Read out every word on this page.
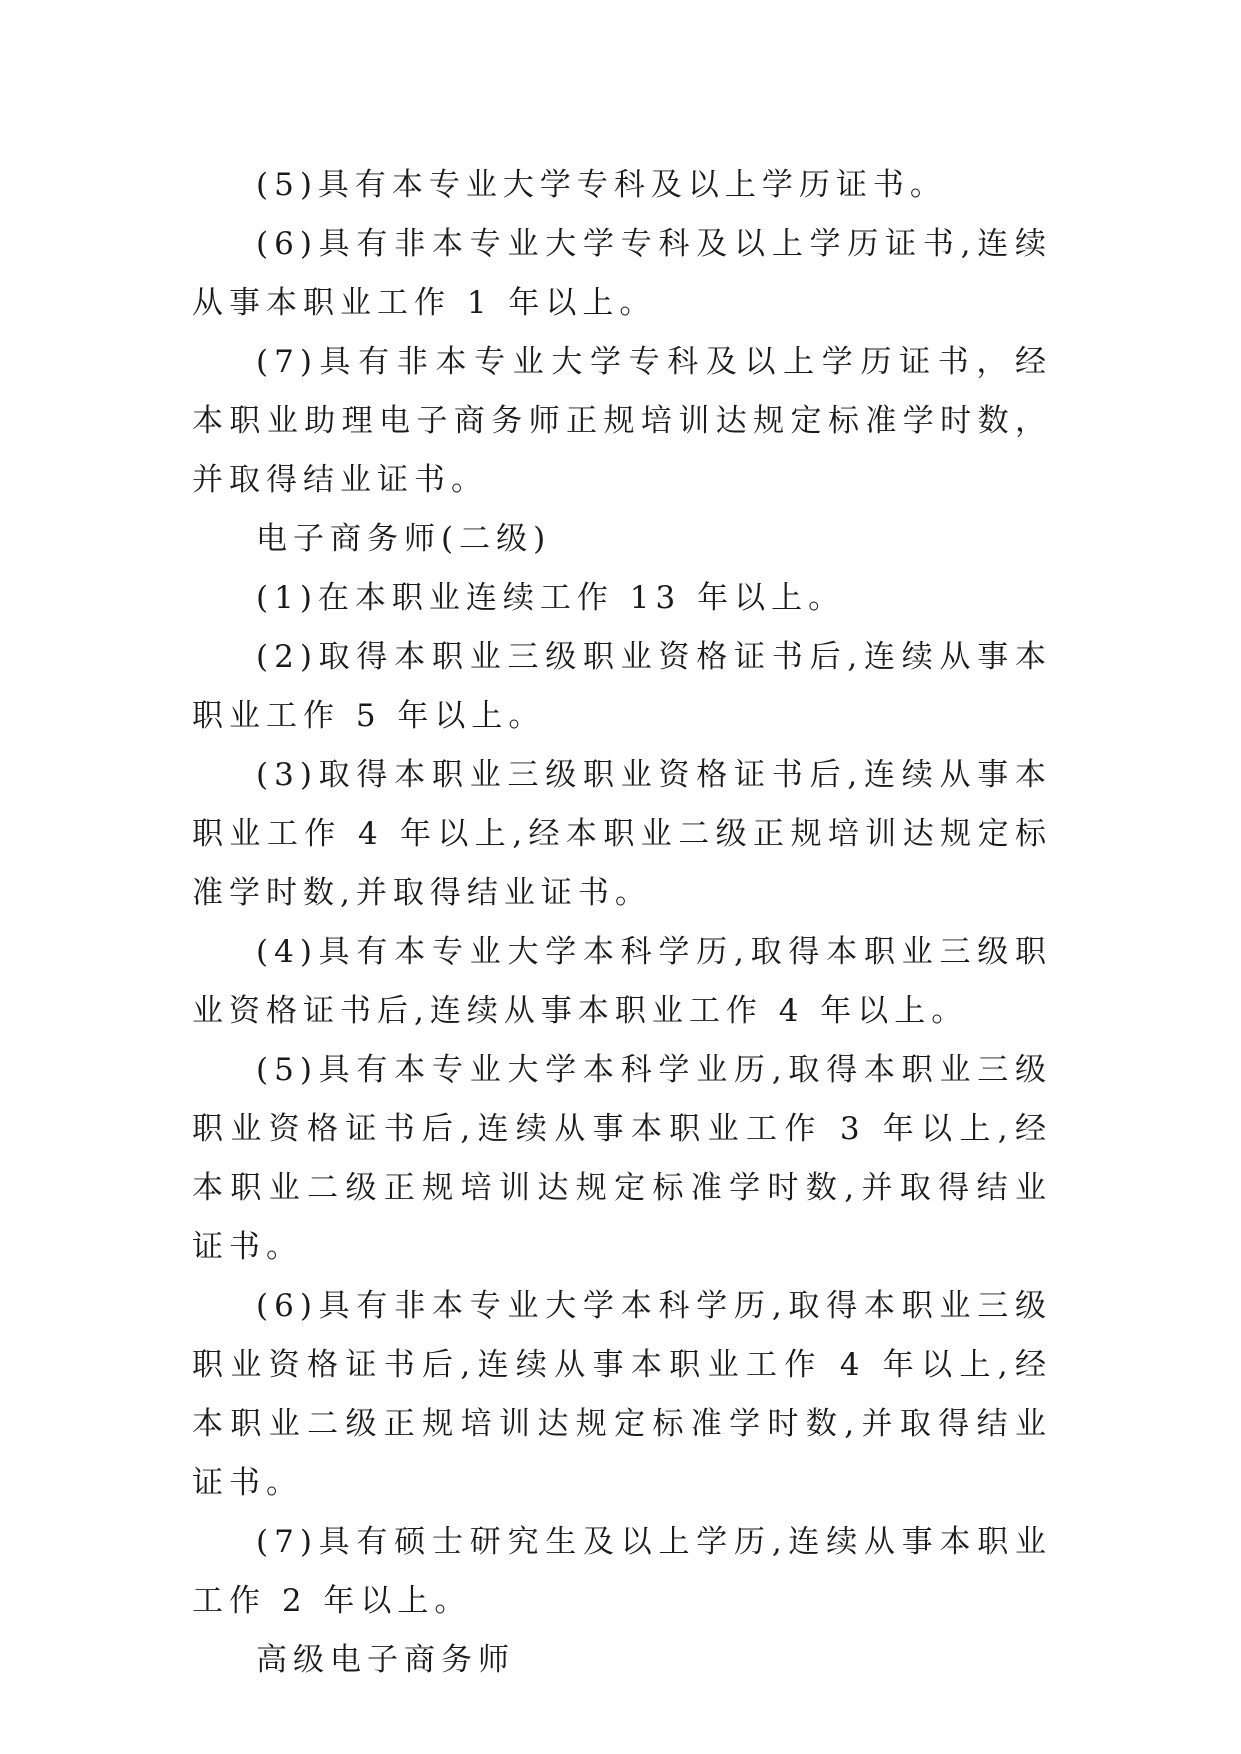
(5)具有本专业大学专科及以上学历证书。

(6)具有非本专业大学专科及以上学历证书,连续从事本职业工作 1 年以上。

(7)具有非本专业大学专科及以上学历证书，经本职业助理电子商务师正规培训达规定标准学时数，并取得结业证书。

电子商务师(二级)

(1)在本职业连续工作 13 年以上。

(2)取得本职业三级职业资格证书后,连续从事本职业工作 5 年以上。

(3)取得本职业三级职业资格证书后,连续从事本职业工作 4 年以上,经本职业二级正规培训达规定标准学时数,并取得结业证书。

(4)具有本专业大学本科学历,取得本职业三级职业资格证书后,连续从事本职业工作 4 年以上。

(5)具有本专业大学本科学业历,取得本职业三级职业资格证书后,连续从事本职业工作 3 年以上,经本职业二级正规培训达规定标准学时数,并取得结业证书。

(6)具有非本专业大学本科学历,取得本职业三级职业资格证书后,连续从事本职业工作 4 年以上,经本职业二级正规培训达规定标准学时数,并取得结业证书。

(7)具有硕士研究生及以上学历,连续从事本职业工作 2 年以上。

高级电子商务师
